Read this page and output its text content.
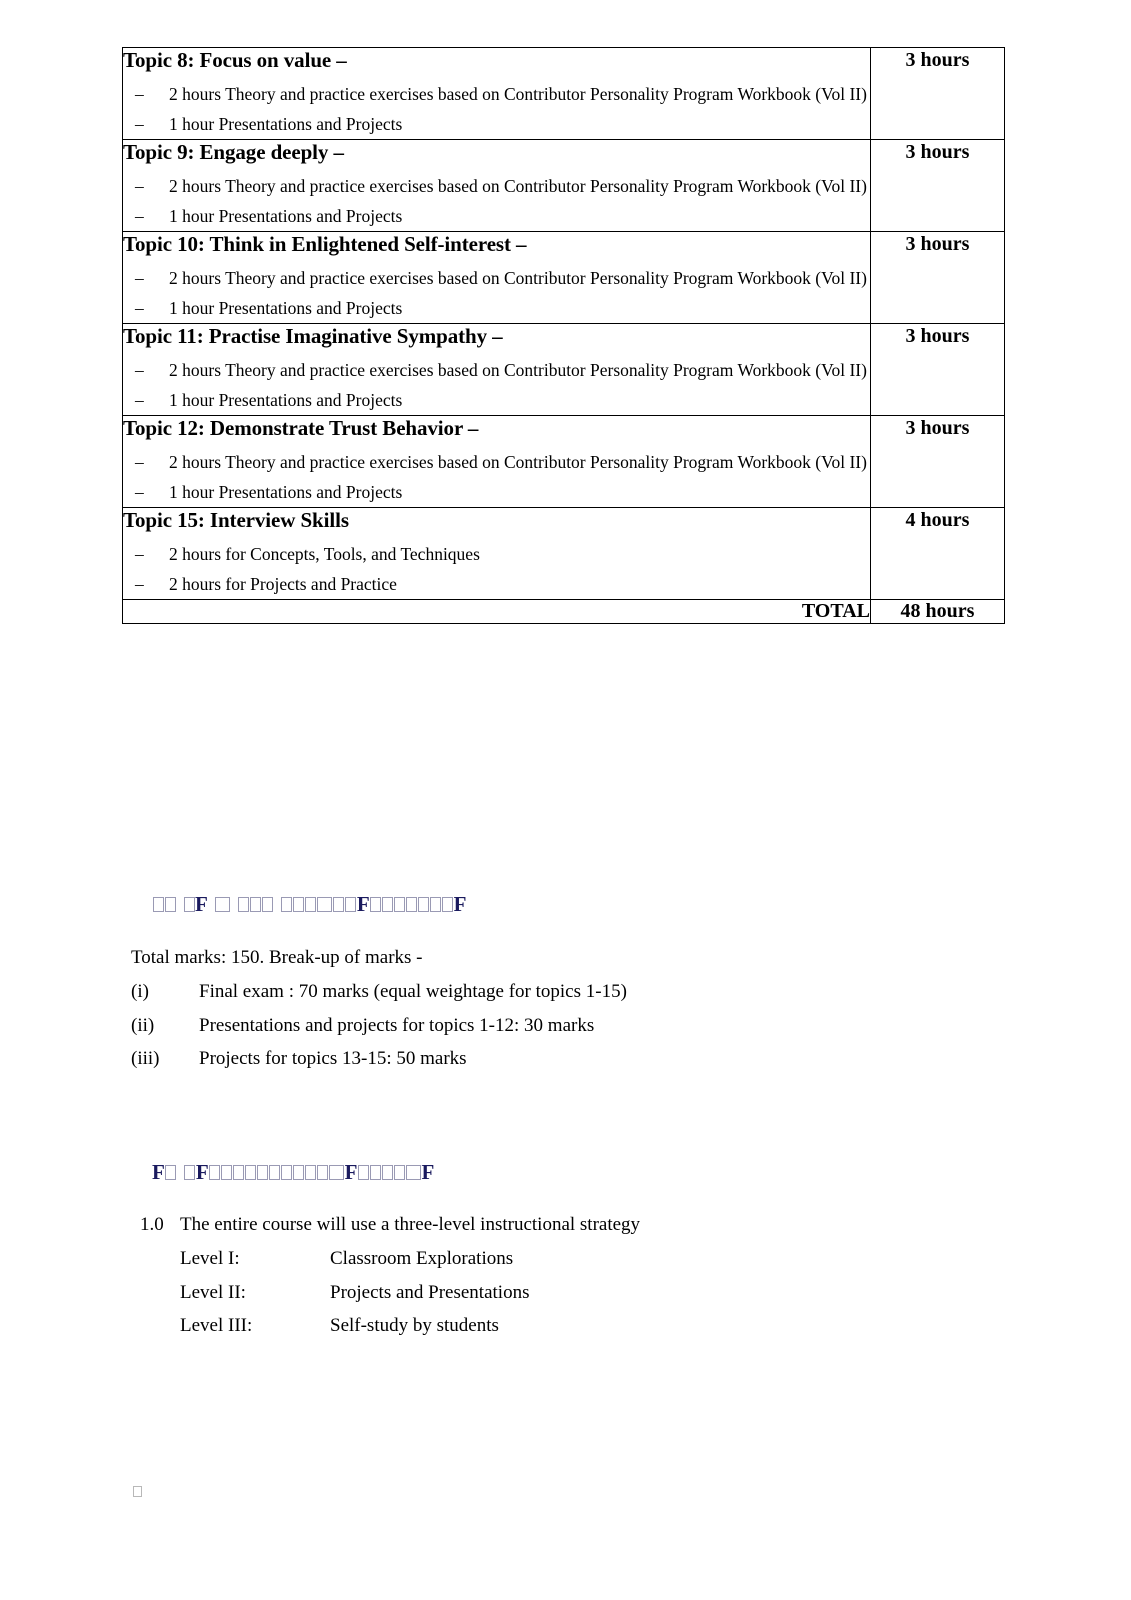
Topic 8: Focus on value –
– 2 hours Theory and practice exercises based on Contributor Personality Program Workbook (Vol II)
– 1 hour Presentations and Projects
	3 hours

Topic 9: Engage deeply –
– 2 hours Theory and practice exercises based on Contributor Personality Program Workbook (Vol II)
– 1 hour Presentations and Projects
	3 hours

Topic 10: Think in Enlightened Self-interest –
– 2 hours Theory and practice exercises based on Contributor Personality Program Workbook (Vol II)
– 1 hour Presentations and Projects
	3 hours

Topic 11: Practise Imaginative Sympathy –
– 2 hours Theory and practice exercises based on Contributor Personality Program Workbook (Vol II)
– 1 hour Presentations and Projects
	3 hours

Topic 12: Demonstrate Trust Behavior –
– 2 hours Theory and practice exercises based on Contributor Personality Program Workbook (Vol II)
– 1 hour Presentations and Projects
	3 hours

Topic 15: Interview Skills
– 2 hours for Concepts, Tools, and Techniques
– 2 hours for Projects and Practice
	4 hours
TOTAL	48 hours

F	F	F

Total marks: 150. Break-up of marks -
(i)	Final exam : 70 marks (equal weightage for topics 1-15)
(ii) Presentations and projects for topics 1-12: 30 marks
(iii) Projects for topics 13-15: 50 marks

F F	F	F

1.0 The entire course will use a three-level instructional strategy
Level I:	Classroom Explorations
Level II:	Projects and Presentations
Level III:	Self-study by students
